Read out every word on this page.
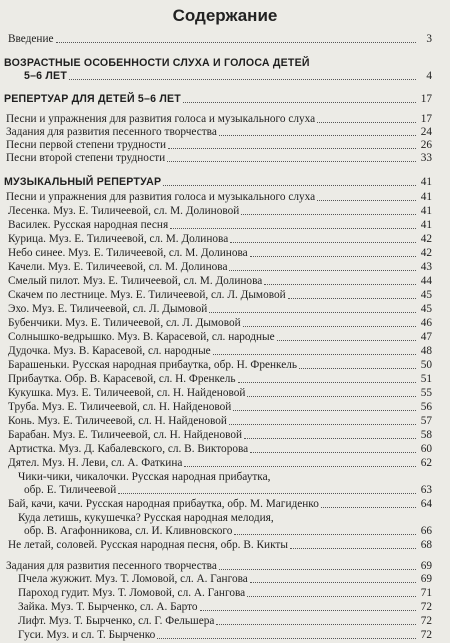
Содержание
Введение	3
ВОЗРАСТНЫЕ ОСОБЕННОСТИ СЛУХА И ГОЛОСА ДЕТЕЙ
5–6 ЛЕТ	4
РЕПЕРТУАР ДЛЯ ДЕТЕЙ 5–6 ЛЕТ	17
Песни и упражнения для развития голоса и музыкального слуха	17
Задания для развития песенного творчества	24
Песни первой степени трудности	26
Песни второй степени трудности	33
МУЗЫКАЛЬНЫЙ РЕПЕРТУАР	41
Песни и упражнения для развития голоса и музыкального слуха	41
Лесенка. Муз. Е. Тиличеевой, сл. М. Долиновой	41
Василек. Русская народная песня	41
Курица. Муз. Е. Тиличеевой, сл. М. Долинова	42
Небо синее. Муз. Е. Тиличеевой, сл. М. Долинова	42
Качели. Муз. Е. Тиличеевой, сл. М. Долинова	43
Смелый пилот. Муз. Е. Тиличеевой, сл. М. Долинова	44
Скачем по лестнице. Муз. Е. Тиличеевой, сл. Л. Дымовой	45
Эхо. Муз. Е. Тиличеевой, сл. Л. Дымовой	45
Бубенчики. Муз. Е. Тиличеевой, сл. Л. Дымовой	46
Солнышко-ведрышко. Муз. В. Карасевой, сл. народные	47
Дудочка. Муз. В. Карасевой, сл. народные	48
Барашеньки. Русская народная прибаутка, обр. Н. Френкель	50
Прибаутка. Обр. В. Карасевой, сл. Н. Френкель	51
Кукушка. Муз. Е. Тиличеевой, сл. Н. Найденовой	55
Труба. Муз. Е. Тиличеевой, сл. Н. Найденовой	56
Конь. Муз. Е. Тиличеевой, сл. Н. Найденовой	57
Барабан. Муз. Е. Тиличеевой, сл. Н. Найденовой	58
Артистка. Муз. Д. Кабалевского, сл. В. Викторова	60
Дятел. Муз. Н. Леви, сл. А. Фаткина	62
Чики-чики, чикалочки. Русская народная прибаутка,
обр. Е. Тиличеевой	63
Бай, качи, качи. Русская народная прибаутка, обр. М. Магиденко	64
Куда летишь, кукушечка? Русская народная мелодия,
обр. В. Агафонникова, сл. И. Кливновского	66
Не летай, соловей. Русская народная песня, обр. В. Кикты	68
Задания для развития песенного творчества	69
Пчела жужжит. Муз. Т. Ломовой, сл. А. Гангова	69
Пароход гудит. Муз. Т. Ломовой, сл. А. Гангова	71
Зайка. Муз. Т. Бырченко, сл. А. Барто	72
Лифт. Муз. Т. Бырченко, сл. Г. Фельшерa	72
Гуси. Муз. и сл. Т. Бырченко	72
